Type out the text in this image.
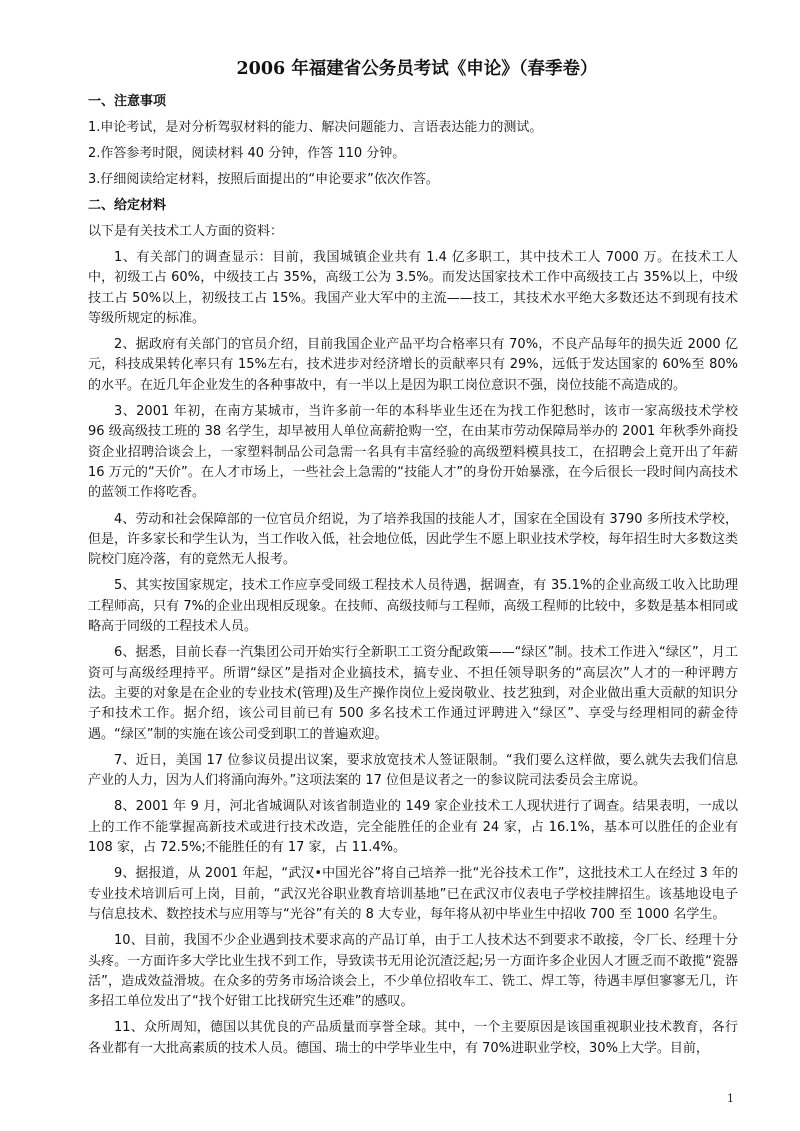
2006 年福建省公务员考试《申论》（春季卷）
一、注意事项
1.申论考试，是对分析驾驭材料的能力、解决问题能力、言语表达能力的测试。
2.作答参考时限，阅读材料 40 分钟，作答 110 分钟。
3.仔细阅读给定材料，按照后面提出的“申论要求”依次作答。
二、给定材料
以下是有关技术工人方面的资料：

1、有关部门的调查显示：目前，我国城镇企业共有 1.4 亿多职工，其中技术工人 7000 万。在技术工人中，初级工占 60%，中级技工占 35%，高级工公为 3.5%。而发达国家技术工作中高级技工占 35%以上，中级技工占 50%以上，初级技工占 15%。我国产业大军中的主流——技工，其技术水平绝大多数还达不到现有技术等级所规定的标准。

2、据政府有关部门的官员介绍，目前我国企业产品平均合格率只有 70%，不良产品每年的损失近 2000 亿元，科技成果转化率只有 15%左右，技术进步对经济增长的贡献率只有 29%，远低于发达国家的 60%至 80%的水平。在近几年企业发生的各种事故中，有一半以上是因为职工岗位意识不强，岗位技能不高造成的。

3、2001 年初，在南方某城市，当许多前一年的本科毕业生还在为找工作犯愁时，该市一家高级技术学校 96 级高级技工班的 38 名学生，却早被用人单位高薪抢购一空，在由某市劳动保障局举办的 2001 年秋季外商投资企业招聘洽谈会上，一家塑料制品公司急需一名具有丰富经验的高级塑料模具技工，在招聘会上竟开出了年薪 16 万元的“天价”。在人才市场上，一些社会上急需的“技能人才”的身份开始暴涨，在今后很长一段时间内高技术的蓝领工作将吃香。

4、劳动和社会保障部的一位官员介绍说，为了培养我国的技能人才，国家在全国设有 3790 多所技术学校，但是，许多家长和学生认为，当工作收入低，社会地位低，因此学生不愿上职业技术学校，每年招生时大多数这类院校门庭冷落，有的竟然无人报考。

5、其实按国家规定，技术工作应享受同级工程技术人员待遇，据调查，有 35.1%的企业高级工收入比助理工程师高，只有 7%的企业出现相反现象。在技师、高级技师与工程师，高级工程师的比较中，多数是基本相同或略高于同级的工程技术人员。

6、据悉，目前长春一汽集团公司开始实行全新职工工资分配政策——“绿区”制。技术工作进入“绿区”，月工资可与高级经理持平。所谓“绿区”是指对企业搞技术，搞专业、不担任领导职务的“高层次”人才的一种评聘方法。主要的对象是在企业的专业技术(管理)及生产操作岗位上爱岗敬业、技艺独到，对企业做出重大贡献的知识分子和技术工作。据介绍，该公司目前已有 500 多名技术工作通过评聘进入“绿区”、享受与经理相同的薪金待遇。“绿区”制的实施在该公司受到职工的普遍欢迎。

7、近日，美国 17 位参议员提出议案，要求放宽技术人签证限制。“我们要么这样做，要么就失去我们信息产业的人力，因为人们将涌向海外。”这项法案的 17 位但是议者之一的参议院司法委员会主席说。

8、2001 年 9 月，河北省城调队对该省制造业的 149 家企业技术工人现状进行了调查。结果表明，一成以上的工作不能掌握高新技术或进行技术改造，完全能胜任的企业有 24 家，占 16.1%，基本可以胜任的企业有 108 家，占 72.5%;不能胜任的有 17 家，占 11.4%。

9、据报道，从 2001 年起，“武汉•中国光谷”将自己培养一批“光谷技术工作”，这批技术工人在经过 3 年的专业技术培训后可上岗，目前，“武汉光谷职业教育培训基地”已在武汉市仪表电子学校挂牌招生。该基地设电子与信息技术、数控技术与应用等与“光谷”有关的 8 大专业，每年将从初中毕业生中招收 700 至 1000 名学生。

10、目前，我国不少企业遇到技术要求高的产品订单，由于工人技术达不到要求不敢接，令厂长、经理十分头疼。一方面许多大学比业生找不到工作，导致读书无用论沉渣泛起;另一方面许多企业因人才匮乏而不敢揽“瓷器活”，造成效益滑坡。在众多的劳务市场洽谈会上，不少单位招收车工、铣工、焊工等，待遇丰厚但寥寥无几，许多招工单位发出了“找个好钳工比找研究生还难”的感叹。

11、众所周知，德国以其优良的产品质量而享誉全球。其中，一个主要原因是该国重视职业技术教育，各行各业都有一大批高素质的技术人员。德国、瑞士的中学毕业生中，有 70%进职业学校，30%上大学。目前，

1
